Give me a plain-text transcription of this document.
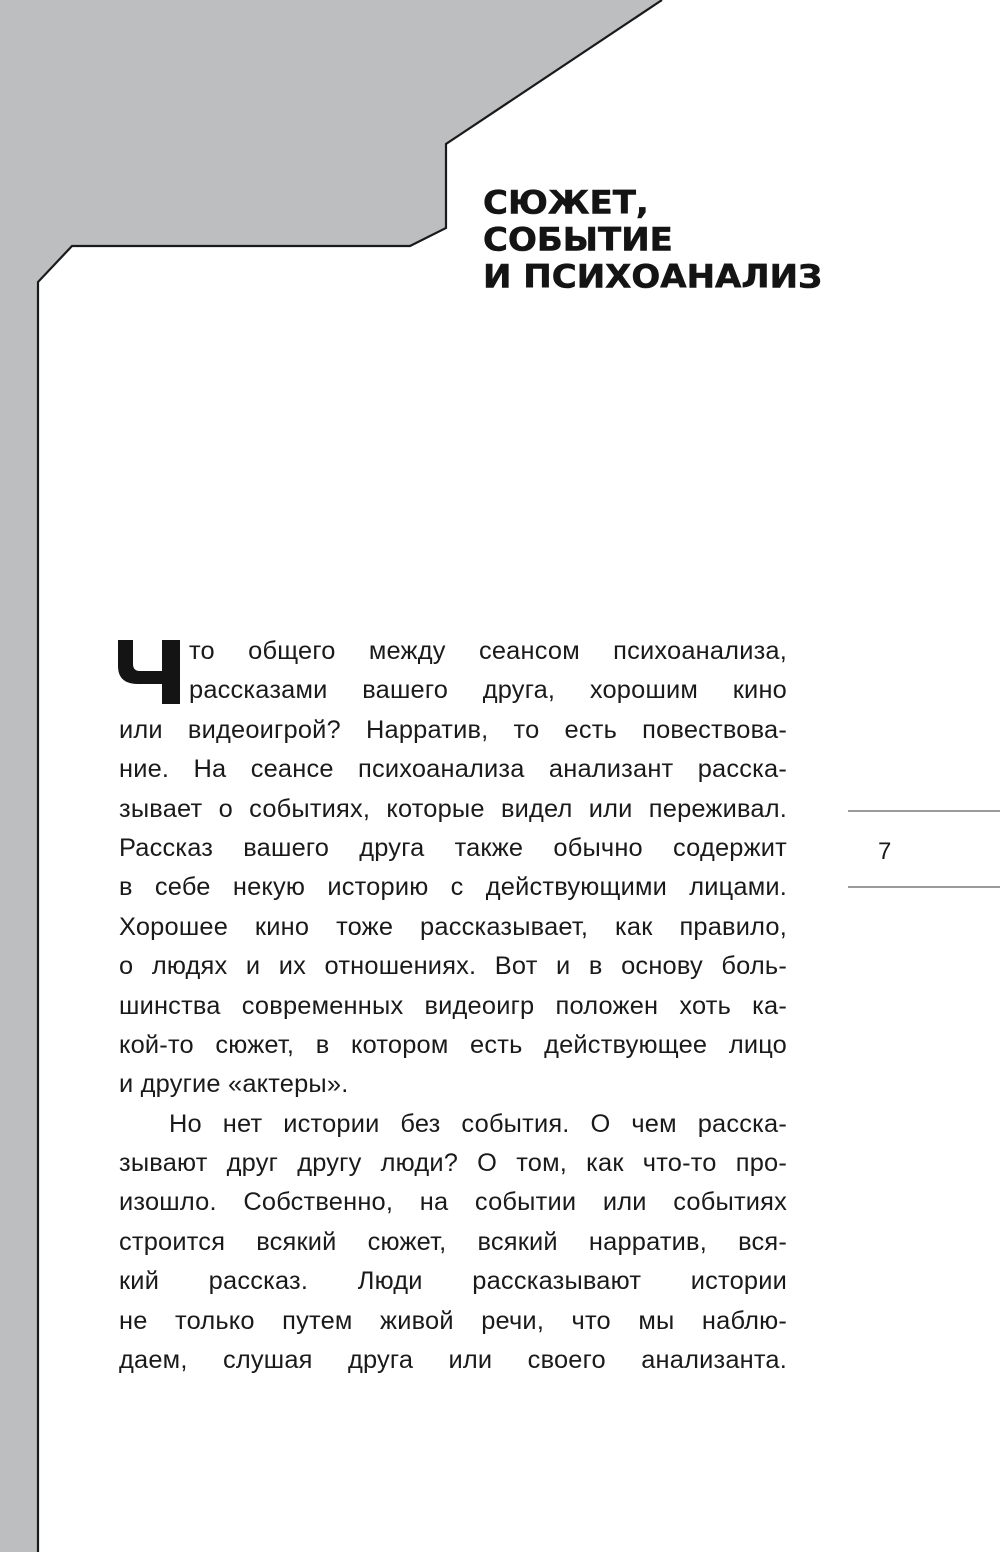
СЮЖЕТ,
СОБЫТИЕ
И ПСИХОАНАЛИЗ
то общего между сеансом психоанализа,
рассказами вашего друга, хорошим кино
или видеоигрой? Нарратив, то есть повествова-
ние. На сеансе психоанализа анализант расска-
зывает о событиях, которые видел или переживал.
Рассказ вашего друга также обычно содержит
в себе некую историю с действующими лицами.
Хорошее кино тоже рассказывает, как правило,
о людях и их отношениях. Вот и в основу боль-
шинства современных видеоигр положен хоть ка-
кой-то сюжет, в котором есть действующее лицо
и другие «актеры».
Но нет истории без события. О чем расска-
зывают друг другу люди? О том, как что-то про-
изошло. Собственно, на событии или событиях
строится всякий сюжет, всякий нарратив, вся-
кий рассказ. Люди рассказывают истории
не только путем живой речи, что мы наблю-
даем, слушая друга или своего анализанта.
7
